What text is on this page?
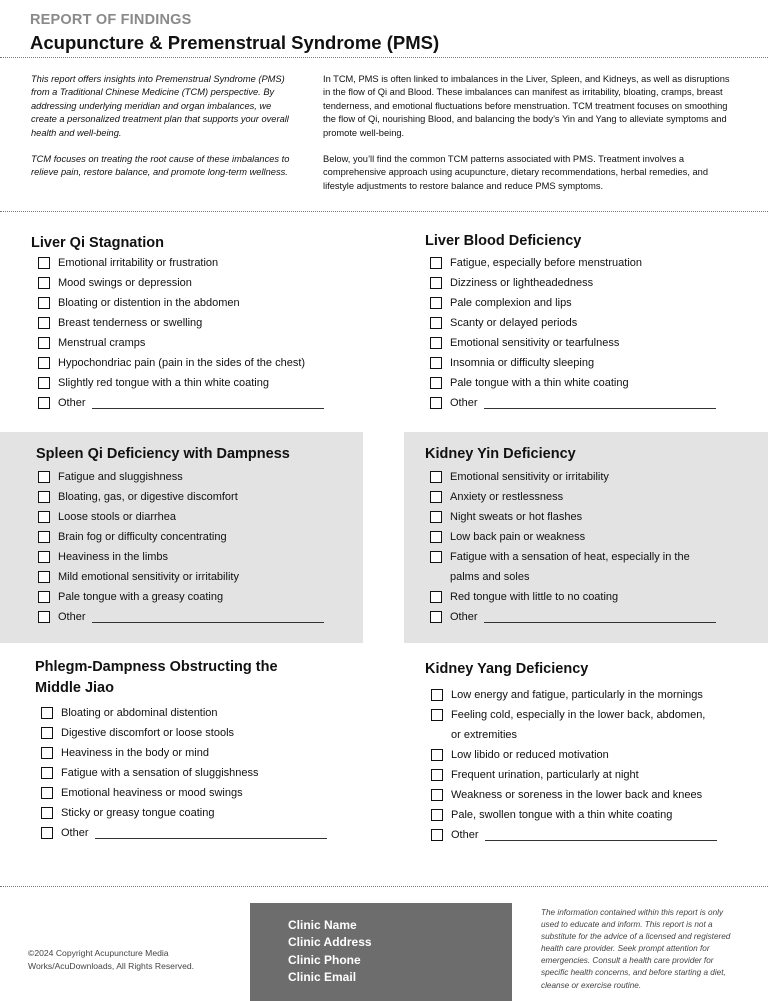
REPORT OF FINDINGS
Acupuncture & Premenstrual Syndrome (PMS)

This report offers insights into Premenstrual Syndrome (PMS) from a Traditional Chinese Medicine (TCM) perspective. By addressing underlying meridian and organ imbalances, we create a personalized treatment plan that supports your overall health and well-being.

TCM focuses on treating the root cause of these imbalances to relieve pain, restore balance, and promote long-term wellness.

In TCM, PMS is often linked to imbalances in the Liver, Spleen, and Kidneys, as well as disruptions in the flow of Qi and Blood. These imbalances can manifest as irritability, bloating, cramps, breast tenderness, and emotional fluctuations before menstruation. TCM treatment focuses on smoothing the flow of Qi, nourishing Blood, and balancing the body’s Yin and Yang to alleviate symptoms and promote well-being.

Below, you’ll find the common TCM patterns associated with PMS. Treatment involves a comprehensive approach using acupuncture, dietary recommendations, herbal remedies, and lifestyle adjustments to restore balance and reduce PMS symptoms.

Liver Qi Stagnation
Emotional irritability or frustration
Mood swings or depression
Bloating or distention in the abdomen
Breast tenderness or swelling
Menstrual cramps
Hypochondriac pain (pain in the sides of the chest)
Slightly red tongue with a thin white coating
Other
Liver Blood Deficiency
Fatigue, especially before menstruation
Dizziness or lightheadedness
Pale complexion and lips
Scanty or delayed periods
Emotional sensitivity or tearfulness
Insomnia or difficulty sleeping
Pale tongue with a thin white coating
Other
Spleen Qi Deficiency with Dampness
Fatigue and sluggishness
Bloating, gas, or digestive discomfort
Loose stools or diarrhea
Brain fog or difficulty concentrating
Heaviness in the limbs
Mild emotional sensitivity or irritability
Pale tongue with a greasy coating
Other
Kidney Yin Deficiency
Emotional sensitivity or irritability
Anxiety or restlessness
Night sweats or hot flashes
Low back pain or weakness
Fatigue with a sensation of heat, especially in the
palms and soles
Red tongue with little to no coating
Other
Phlegm-Dampness Obstructing the
Middle Jiao
Bloating or abdominal distention
Digestive discomfort or loose stools
Heaviness in the body or mind
Fatigue with a sensation of sluggishness
Emotional heaviness or mood swings
Sticky or greasy tongue coating
Other
Kidney Yang Deficiency
Low energy and fatigue, particularly in the mornings
Feeling cold, especially in the lower back, abdomen,
or extremities
Low libido or reduced motivation
Frequent urination, particularly at night
Weakness or soreness in the lower back and knees
Pale, swollen tongue with a thin white coating
Other
©2024 Copyright Acupuncture Media
Works/AcuDownloads, All Rights Reserved.
Clinic Name
Clinic Address
Clinic Phone
Clinic Email
The information contained within this report is only used to educate and inform. This report is not a substitute for the advice of a licensed and registered health care provider. Seek prompt attention for emergencies. Consult a health care provider for specific health concerns, and before starting a diet, cleanse or exercise routine.
